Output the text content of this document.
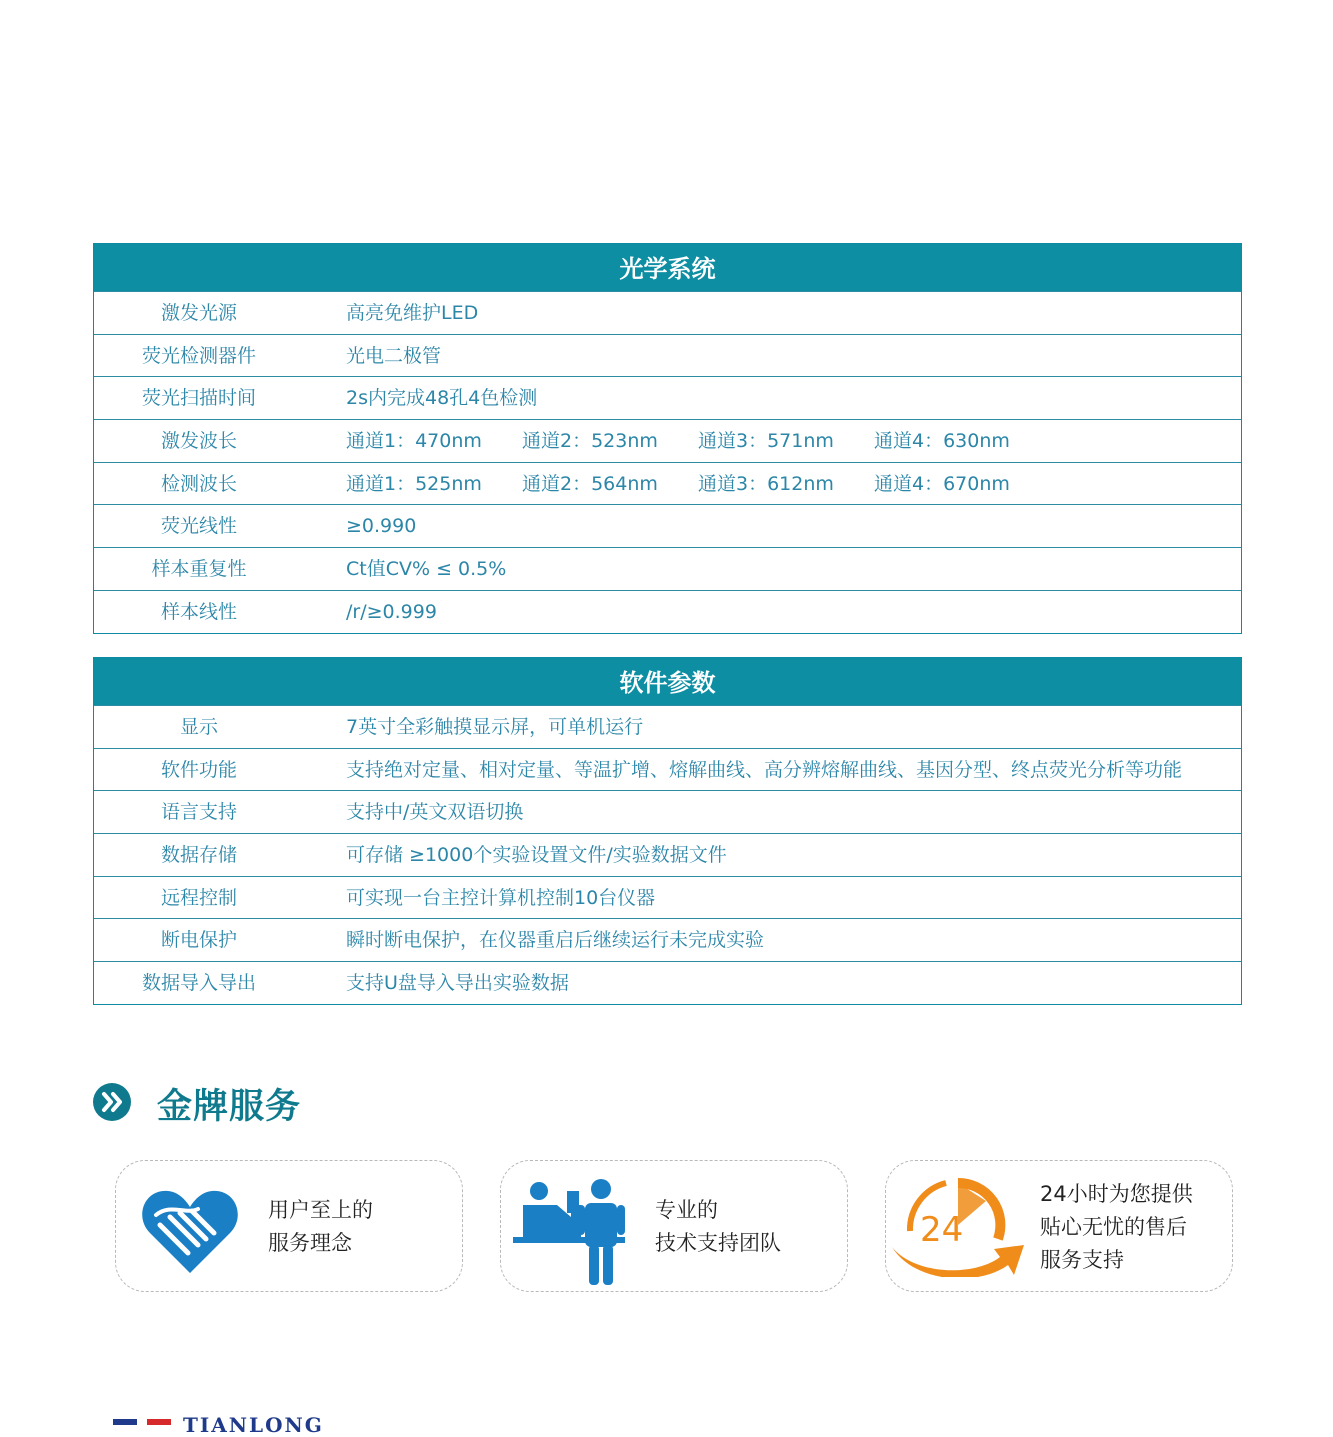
光学系统
激发光源	高亮免维护LED
荧光检测器件	光电二极管
荧光扫描时间	2s内完成48孔4色检测
激发波长	通道1：470nm 通道2：523nm 通道3：571nm 通道4：630nm
检测波长	通道1：525nm 通道2：564nm 通道3：612nm 通道4：670nm
荧光线性	≥0.990
样本重复性	Ct值CV% ≤ 0.5%
样本线性	/r/≥0.999
软件参数
显示	7英寸全彩触摸显示屏，可单机运行
软件功能	支持绝对定量、相对定量、等温扩增、熔解曲线、高分辨熔解曲线、基因分型、终点荧光分析等功能
语言支持	支持中/英文双语切换
数据存储	可存储 ≥1000个实验设置文件/实验数据文件
远程控制	可实现一台主控计算机控制10台仪器
断电保护	瞬时断电保护，在仪器重启后继续运行未完成实验
数据导入导出	支持U盘导入导出实验数据
金牌服务
用户至上的
服务理念
专业的
技术支持团队	24
24小时为您提供
贴心无忧的售后
服务支持
TIANLONG
